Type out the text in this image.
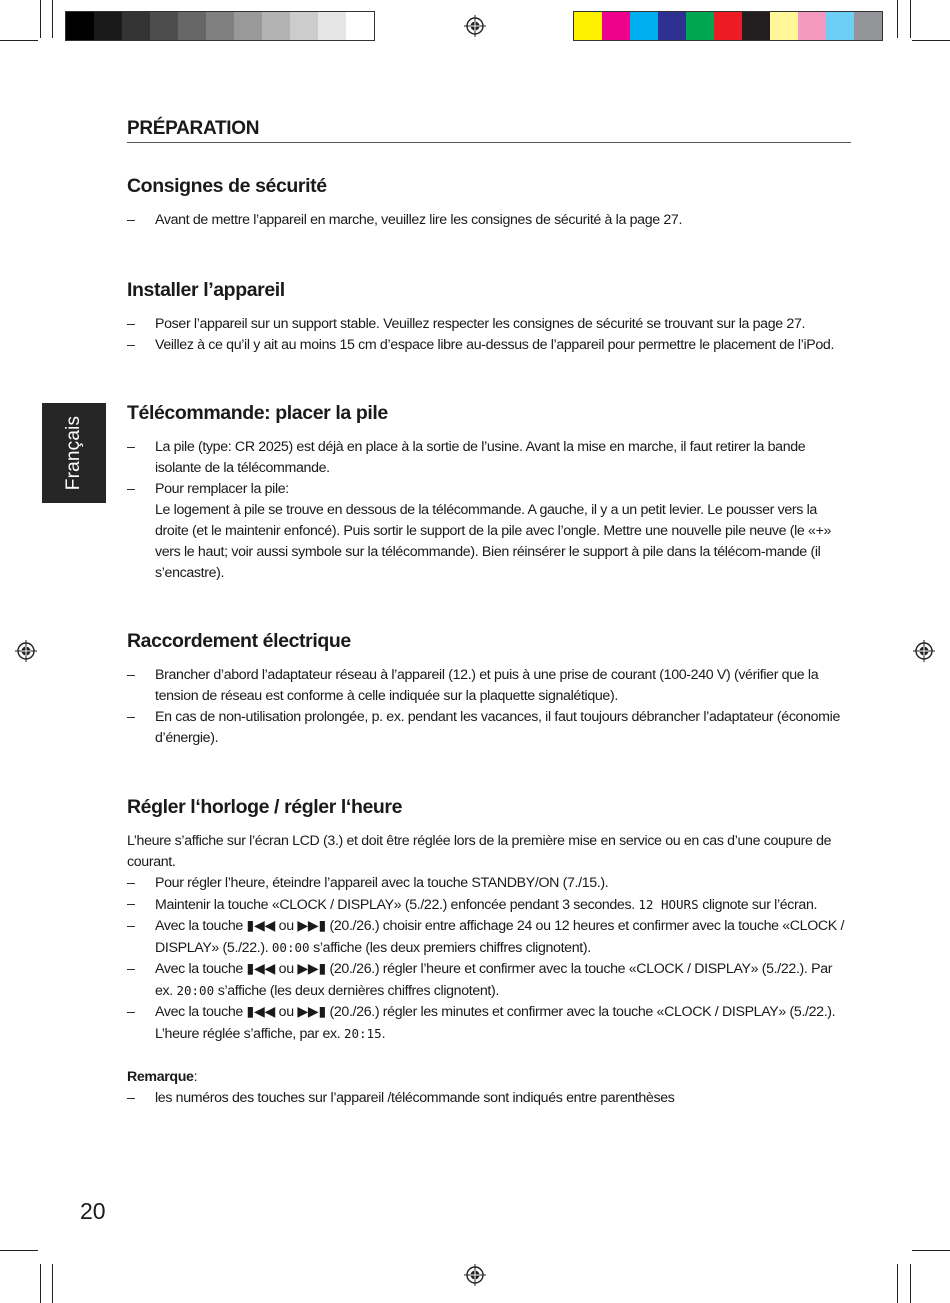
Français
PRÉPARATION
Consignes de sécurité
– Avant de mettre l’appareil en marche, veuillez lire les consignes de sécurité à la page 27.
Installer l’appareil
– Poser l’appareil sur un support stable. Veuillez respecter les consignes de sécurité se trouvant sur la page 27.
– Veillez à ce qu’il y ait au moins 15 cm d’espace libre au-dessus de l’appareil pour permettre le placement de l’iPod.
Télécommande: placer la pile
– La pile (type: CR 2025) est déjà en place à la sortie de l’usine. Avant la mise en marche, il faut retirer la bande isolante de la télécommande.
– Pour remplacer la pile:
Le logement à pile se trouve en dessous de la télécommande. A gauche, il y a un petit levier. Le pousser vers la droite (et le maintenir enfoncé). Puis sortir le support de la pile avec l’ongle. Mettre une nouvelle pile neuve (le «+» vers le haut; voir aussi symbole sur la télécommande). Bien réinsérer le support à pile dans la télécom-mande (il s’encastre).
Raccordement électrique
– Brancher d’abord l’adaptateur réseau à l’appareil (12.) et puis à une prise de courant (100-240 V) (vérifier que la tension de réseau est conforme à celle indiquée sur la plaquette signalétique).
– En cas de non-utilisation prolongée, p. ex. pendant les vacances, il faut toujours débrancher l’adaptateur (économie d’énergie).
Régler l‘horloge / régler l‘heure

L’heure s’affiche sur l’écran LCD (3.) et doit être réglée lors de la première mise en service ou en cas d’une coupure de courant.

– Pour régler l’heure, éteindre l’appareil avec la touche STANDBY/ON (7./15.).
– Maintenir la touche «CLOCK / DISPLAY» (5./22.) enfoncée pendant 3 secondes. 12 HOURS clignote sur l’écran.
– Avec la touche ▮◀◀ ou ▶▶▮ (20./26.) choisir entre affichage 24 ou 12 heures et confirmer avec la touche «CLOCK / DISPLAY» (5./22.). 00:00 s’affiche (les deux premiers chiffres clignotent).
– Avec la touche ▮◀◀ ou ▶▶▮ (20./26.) régler l’heure et confirmer avec la touche «CLOCK / DISPLAY» (5./22.). Par ex. 20:00 s’affiche (les deux dernières chiffres clignotent).
– Avec la touche ▮◀◀ ou ▶▶▮ (20./26.) régler les minutes et confirmer avec la touche «CLOCK / DISPLAY» (5./22.). L’heure réglée s’affiche, par ex. 20:15.

Remarque:

– les numéros des touches sur l’appareil /télécommande sont indiqués entre parenthèses
20
